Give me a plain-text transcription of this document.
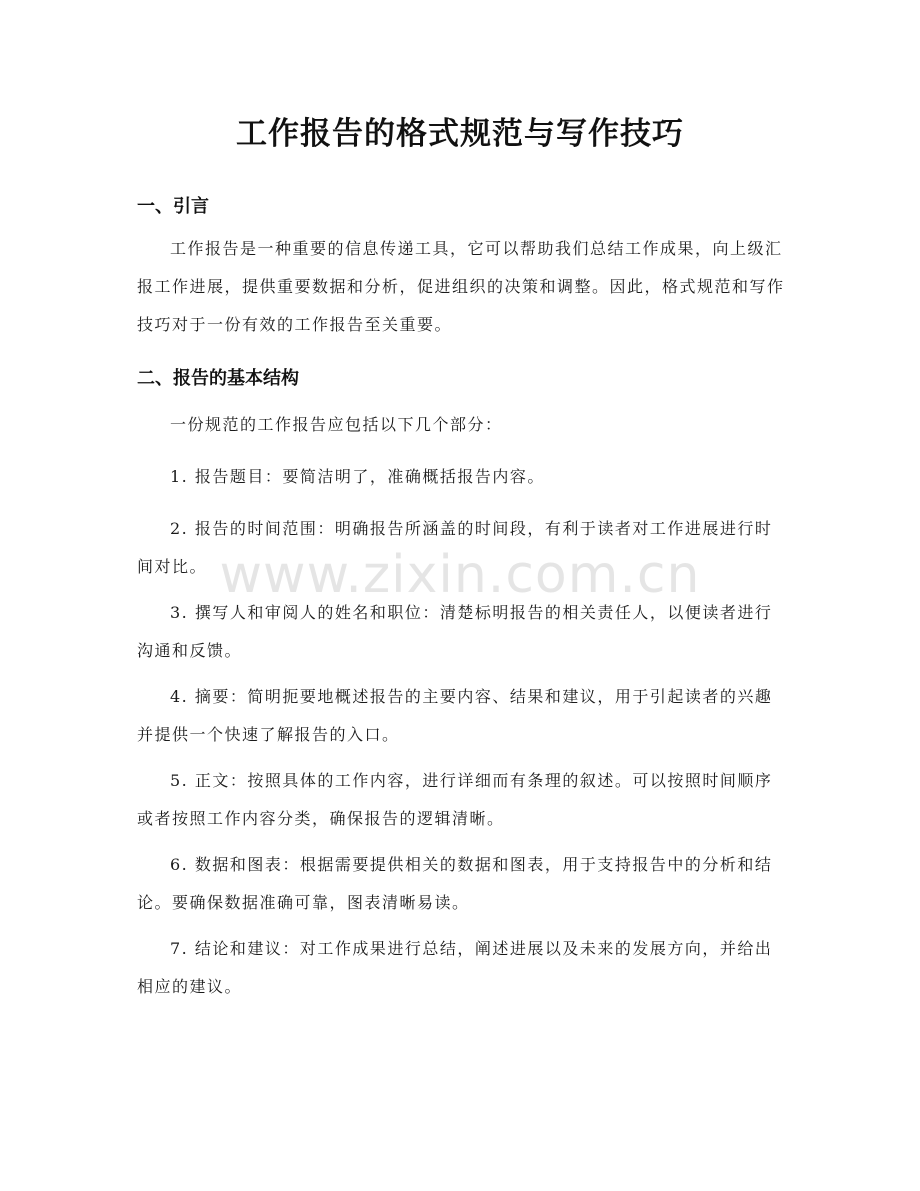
工作报告的格式规范与写作技巧
一、引言
工作报告是一种重要的信息传递工具，它可以帮助我们总结工作成果，向上级汇报工作进展，提供重要数据和分析，促进组织的决策和调整。因此，格式规范和写作技巧对于一份有效的工作报告至关重要。
二、报告的基本结构
一份规范的工作报告应包括以下几个部分：
1. 报告题目：要简洁明了，准确概括报告内容。
2. 报告的时间范围：明确报告所涵盖的时间段，有利于读者对工作进展进行时间对比。
3. 撰写人和审阅人的姓名和职位：清楚标明报告的相关责任人，以便读者进行沟通和反馈。
4. 摘要：简明扼要地概述报告的主要内容、结果和建议，用于引起读者的兴趣并提供一个快速了解报告的入口。
5. 正文：按照具体的工作内容，进行详细而有条理的叙述。可以按照时间顺序或者按照工作内容分类，确保报告的逻辑清晰。
6. 数据和图表：根据需要提供相关的数据和图表，用于支持报告中的分析和结论。要确保数据准确可靠，图表清晰易读。
7. 结论和建议：对工作成果进行总结，阐述进展以及未来的发展方向，并给出相应的建议。
www.zixin.com.cn
